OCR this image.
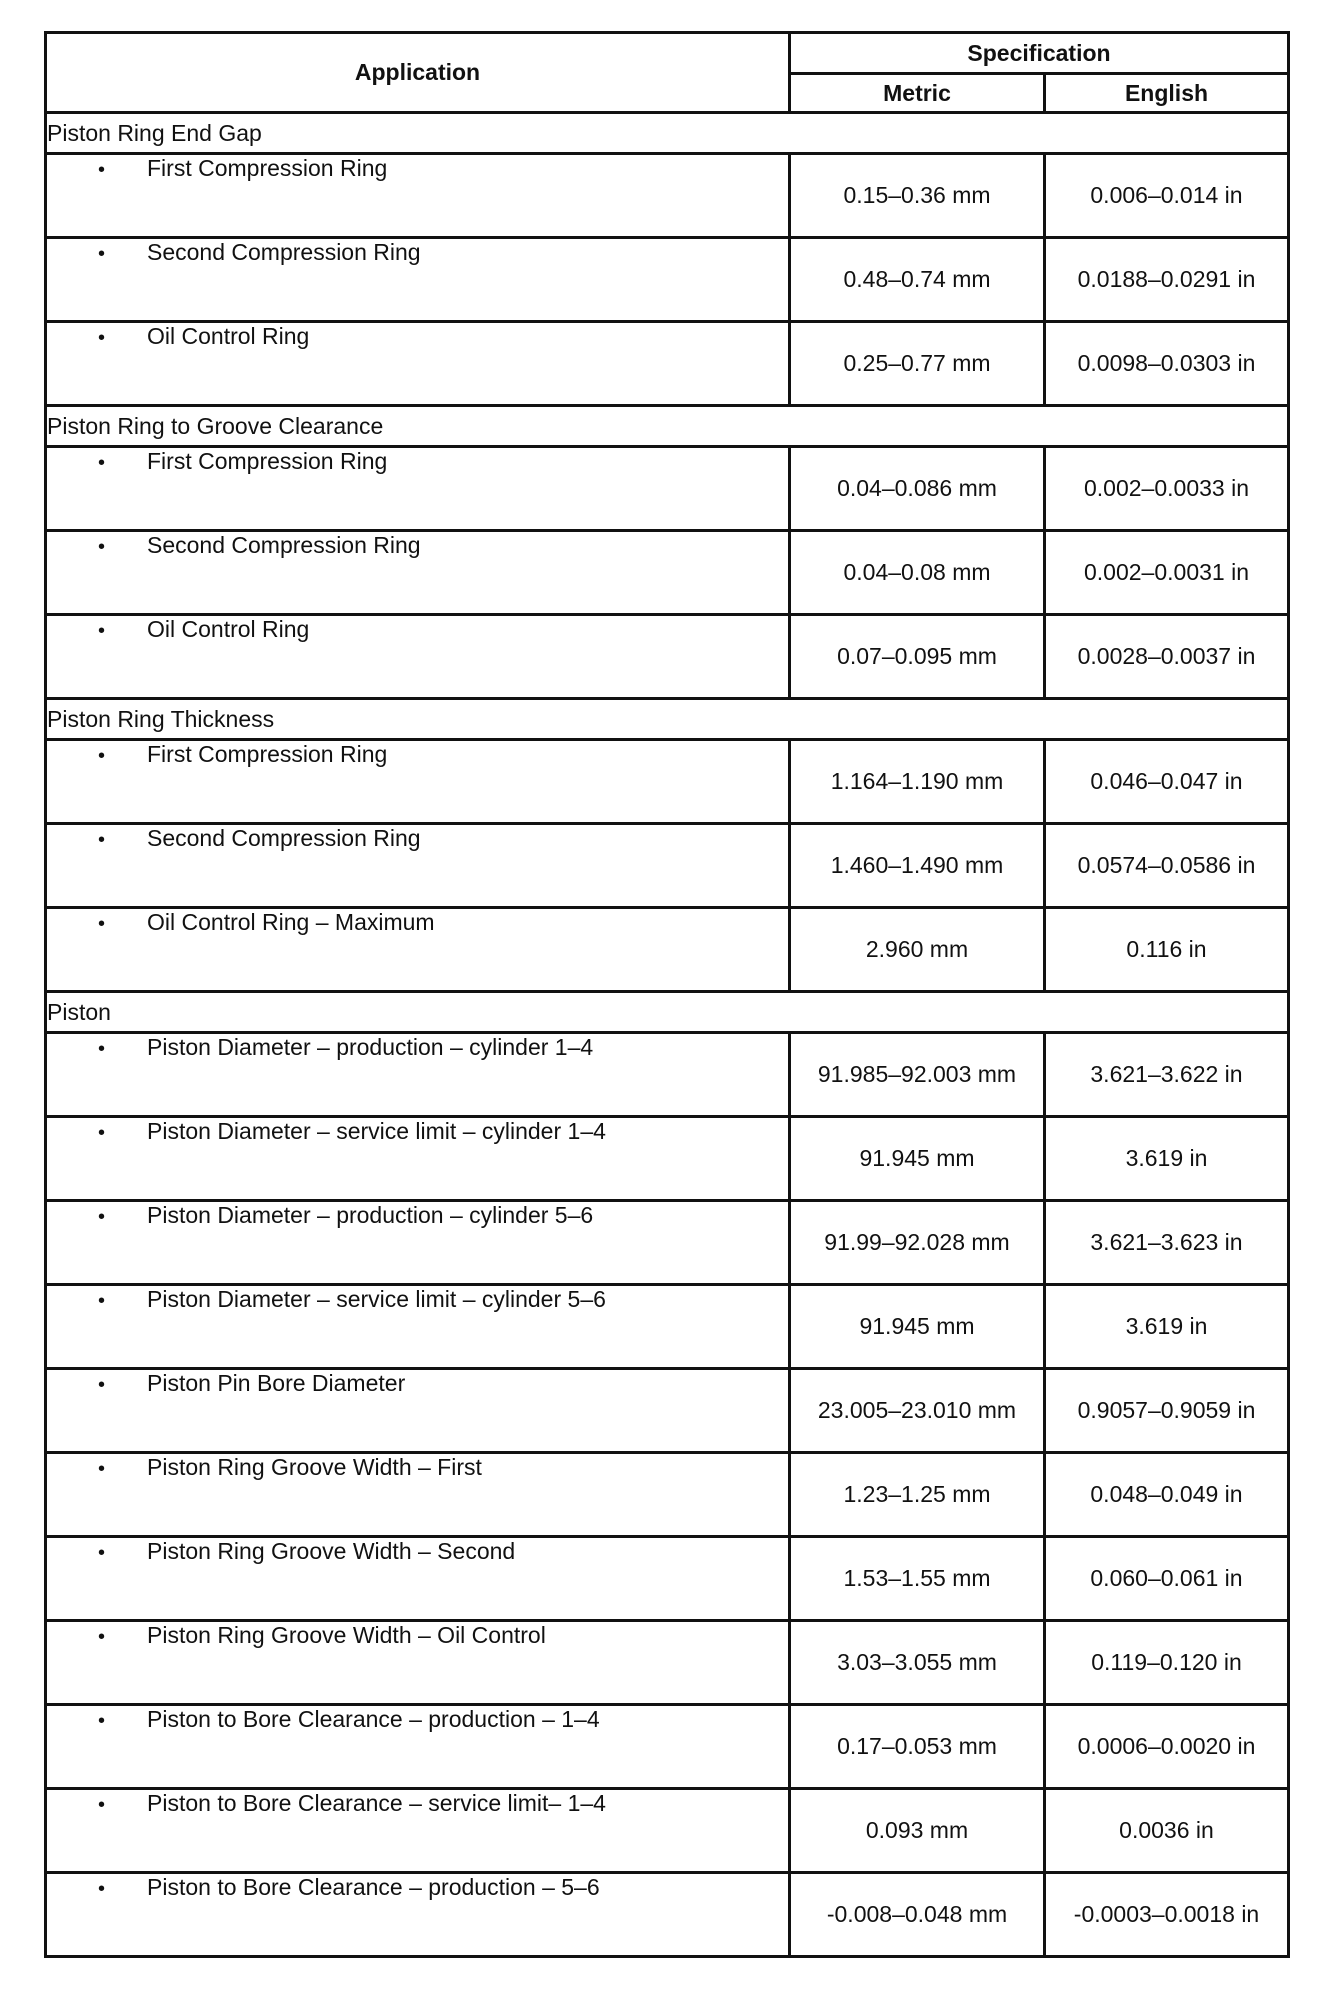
Application	Specification	
	Metric	English
Piston Ring End Gap		
• First Compression Ring	0.15–0.36 mm	0.006–0.014 in
• Second Compression Ring	0.48–0.74 mm	0.0188–0.0291 in
• Oil Control Ring	0.25–0.77 mm	0.0098–0.0303 in
Piston Ring to Groove Clearance		
• First Compression Ring	0.04–0.086 mm	0.002–0.0033 in
• Second Compression Ring	0.04–0.08 mm	0.002–0.0031 in
• Oil Control Ring	0.07–0.095 mm	0.0028–0.0037 in
Piston Ring Thickness		
• First Compression Ring	1.164–1.190 mm	0.046–0.047 in
• Second Compression Ring	1.460–1.490 mm	0.0574–0.0586 in
• Oil Control Ring – Maximum	2.960 mm	0.116 in
Piston		
• Piston Diameter – production – cylinder 1–4	91.985–92.003 mm	3.621–3.622 in
• Piston Diameter – service limit – cylinder 1–4	91.945 mm	3.619 in
• Piston Diameter – production – cylinder 5–6	91.99–92.028 mm	3.621–3.623 in
• Piston Diameter – service limit – cylinder 5–6	91.945 mm	3.619 in
• Piston Pin Bore Diameter	23.005–23.010 mm	0.9057–0.9059 in
• Piston Ring Groove Width – First	1.23–1.25 mm	0.048–0.049 in
• Piston Ring Groove Width – Second	1.53–1.55 mm	0.060–0.061 in
• Piston Ring Groove Width – Oil Control	3.03–3.055 mm	0.119–0.120 in
• Piston to Bore Clearance – production – 1–4	0.17–0.053 mm	0.0006–0.0020 in
• Piston to Bore Clearance – service limit– 1–4	0.093 mm	0.0036 in
• Piston to Bore Clearance – production – 5–6	-0.008–0.048 mm	-0.0003–0.0018 in
